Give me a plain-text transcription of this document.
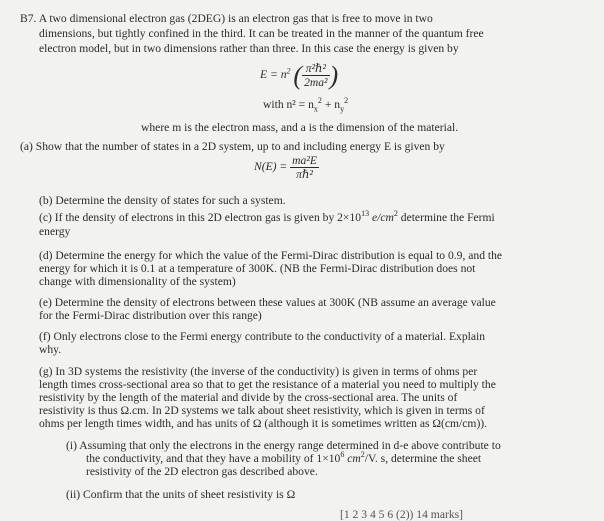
B7. A two dimensional electron gas (2DEG) is an electron gas that is free to move in two
dimensions, but tightly confined in the third. It can be treated in the manner of the quantum free
electron model, but in two dimensions rather than three. In this case the energy is given by
$E = n^2$ ( $\frac{\text{π²ℏ²}}{\text{2ma²}}$ )
with $n^2 = n_x^2 + n_y^2$
where m is the electron mass, and a is the dimension of the material.
(a) Show that the number of states in a 2D system, up to and including energy E is given by
$N(E) = \frac{\text{ma²E}}{\text{πℏ²}}$
(b) Determine the density of states for such a system.
(c) If the density of electrons in this 2D electron gas is given by $2\times 10^{13}$ $e/cm^2$ determine the Fermi
energy
(d) Determine the energy for which the value of the Fermi-Dirac distribution is equal to 0.9, and the
energy for which it is 0.1 at a temperature of 300K. (NB the Fermi-Dirac distribution does not
change with dimensionality of the system)
(e) Determine the density of electrons between these values at 300K (NB assume an average value
for the Fermi-Dirac distribution over this range)
(f) Only electrons close to the Fermi energy contribute to the conductivity of a material. Explain
why.
(g) In 3D systems the resistivity (the inverse of the conductivity) is given in terms of ohms per
length times cross-sectional area so that to get the resistance of a material you need to multiply the
resistivity by the length of the material and divide by the cross-sectional area. The units of
resistivity is thus Ω.cm. In 2D systems we talk about sheet resistivity, which is given in terms of
ohms per length times width, and has units of Ω (although it is sometimes written as Ω(cm/cm)).
(i) Assuming that only the electrons in the energy range determined in d-e above contribute to
the conductivity, and that they have a mobility of $1\times 10^6$ $cm^2/V$. s, determine the sheet
resistivity of the 2D electron gas described above.
(ii) Confirm that the units of sheet resistivity is Ω
[1 2 3 4 5 6 (2)) 14 marks]
